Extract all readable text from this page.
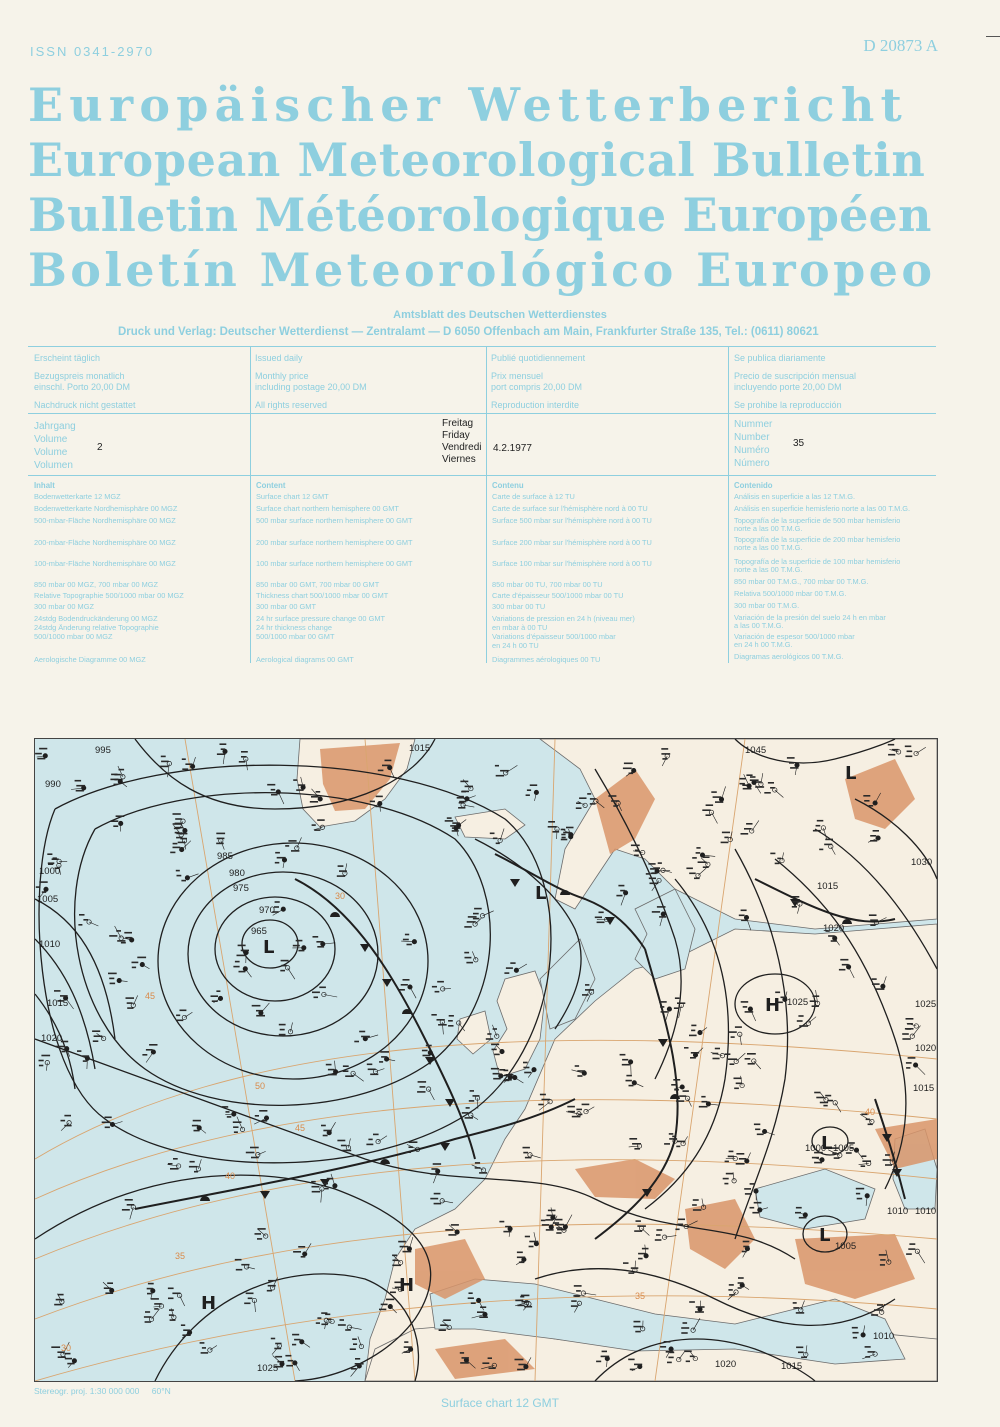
ISSN 0341-2970	D 20873 A
Europäischer Wetterbericht
European Meteorological Bulletin
Bulletin Météorologique Européen
Boletín Meteorológico Europeo
Amtsblatt des Deutschen Wetterdienstes
Druck und Verlag: Deutscher Wetterdienst — Zentralamt — D 6050 Offenbach am Main, Frankfurter Straße 135, Tel.: (0611) 80621
Erscheint täglich
Bezugspreis monatlich
einschl. Porto 20,00 DM
Nachdruck nicht gestattet
Issued daily
Monthly price
including postage 20,00 DM
All rights reserved
Publié quotidiennement
Prix mensuel
port compris 20,00 DM
Reproduction interdite
Se publica diariamente
Precio de suscripción mensual
incluyendo porte 20,00 DM
Se prohibe la reproducción
Jahrgang
Volume
Volume
Volumen
2
Freitag
Friday
Vendredi
Viernes
4.2.1977
Nummer
Number
Numéro
Número
35
Inhalt
Bodenwetterkarte 12 MGZ
Bodenwetterkarte Nordhemisphäre 00 MGZ
500-mbar-Fläche Nordhemisphäre 00 MGZ
200-mbar-Fläche Nordhemisphäre 00 MGZ
100-mbar-Fläche Nordhemisphäre 00 MGZ
850 mbar 00 MGZ, 700 mbar 00 MGZ
Relative Topographie 500/1000 mbar 00 MGZ
300 mbar 00 MGZ
24stdg Bodendruckänderung 00 MGZ
24stdg Änderung relative Topographie
500/1000 mbar 00 MGZ
Aerologische Diagramme 00 MGZ
Content
Surface chart 12 GMT
Surface chart northern hemisphere 00 GMT
500 mbar surface northern hemisphere 00 GMT
200 mbar surface northern hemisphere 00 GMT
100 mbar surface northern hemisphere 00 GMT
850 mbar 00 GMT, 700 mbar 00 GMT
Thickness chart 500/1000 mbar 00 GMT
300 mbar 00 GMT
24 hr surface pressure change 00 GMT
24 hr thickness change
500/1000 mbar 00 GMT
Aerological diagrams 00 GMT
Contenu
Carte de surface à 12 TU
Carte de surface sur l'hémisphère nord à 00 TU
Surface 500 mbar sur l'hémisphère nord à 00 TU
Surface 200 mbar sur l'hémisphère nord à 00 TU
Surface 100 mbar sur l'hémisphère nord à 00 TU
850 mbar 00 TU, 700 mbar 00 TU
Carte d'épaisseur 500/1000 mbar 00 TU
300 mbar 00 TU
Variations de pression en 24 h (niveau mer)
en mbar à 00 TU
Variations d'épaisseur 500/1000 mbar
en 24 h 00 TU
Diagrammes aérologiques 00 TU
Contenido
Análisis en superficie a las 12 T.M.G.
Análisis en superficie hemisferio norte a las 00 T.M.G.
Topografía de la superficie de 500 mbar hemisferio
norte a las 00 T.M.G.
Topografía de la superficie de 200 mbar hemisferio
norte a las 00 T.M.G.
Topografía de la superficie de 100 mbar hemisferio
norte a las 00 T.M.G.
850 mbar 00 T.M.G., 700 mbar 00 T.M.G.
Relativa 500/1000 mbar 00 T.M.G.
300 mbar 00 T.M.G.
Variación de la presión del suelo 24 h en mbar
a las 00 T.M.G.
Variación de espesor 500/1000 mbar
en 24 h 00 T.M.G.
Diagramas aerológicos 00 T.M.G.
995
990
1005
1010
1015
1020
985
980
975
970
965
1000
1015
1025	1020
1010
1005
1025
1015
1020
1010
1015
1000 1005
1010
1015
1020
1030
1025
1045
L
L
L
H
H
H
L
L
50
45
40
35
30
35
45
40
30
Stereogr. proj. 1:30 000 000 60°N
Surface chart 12 GMT
